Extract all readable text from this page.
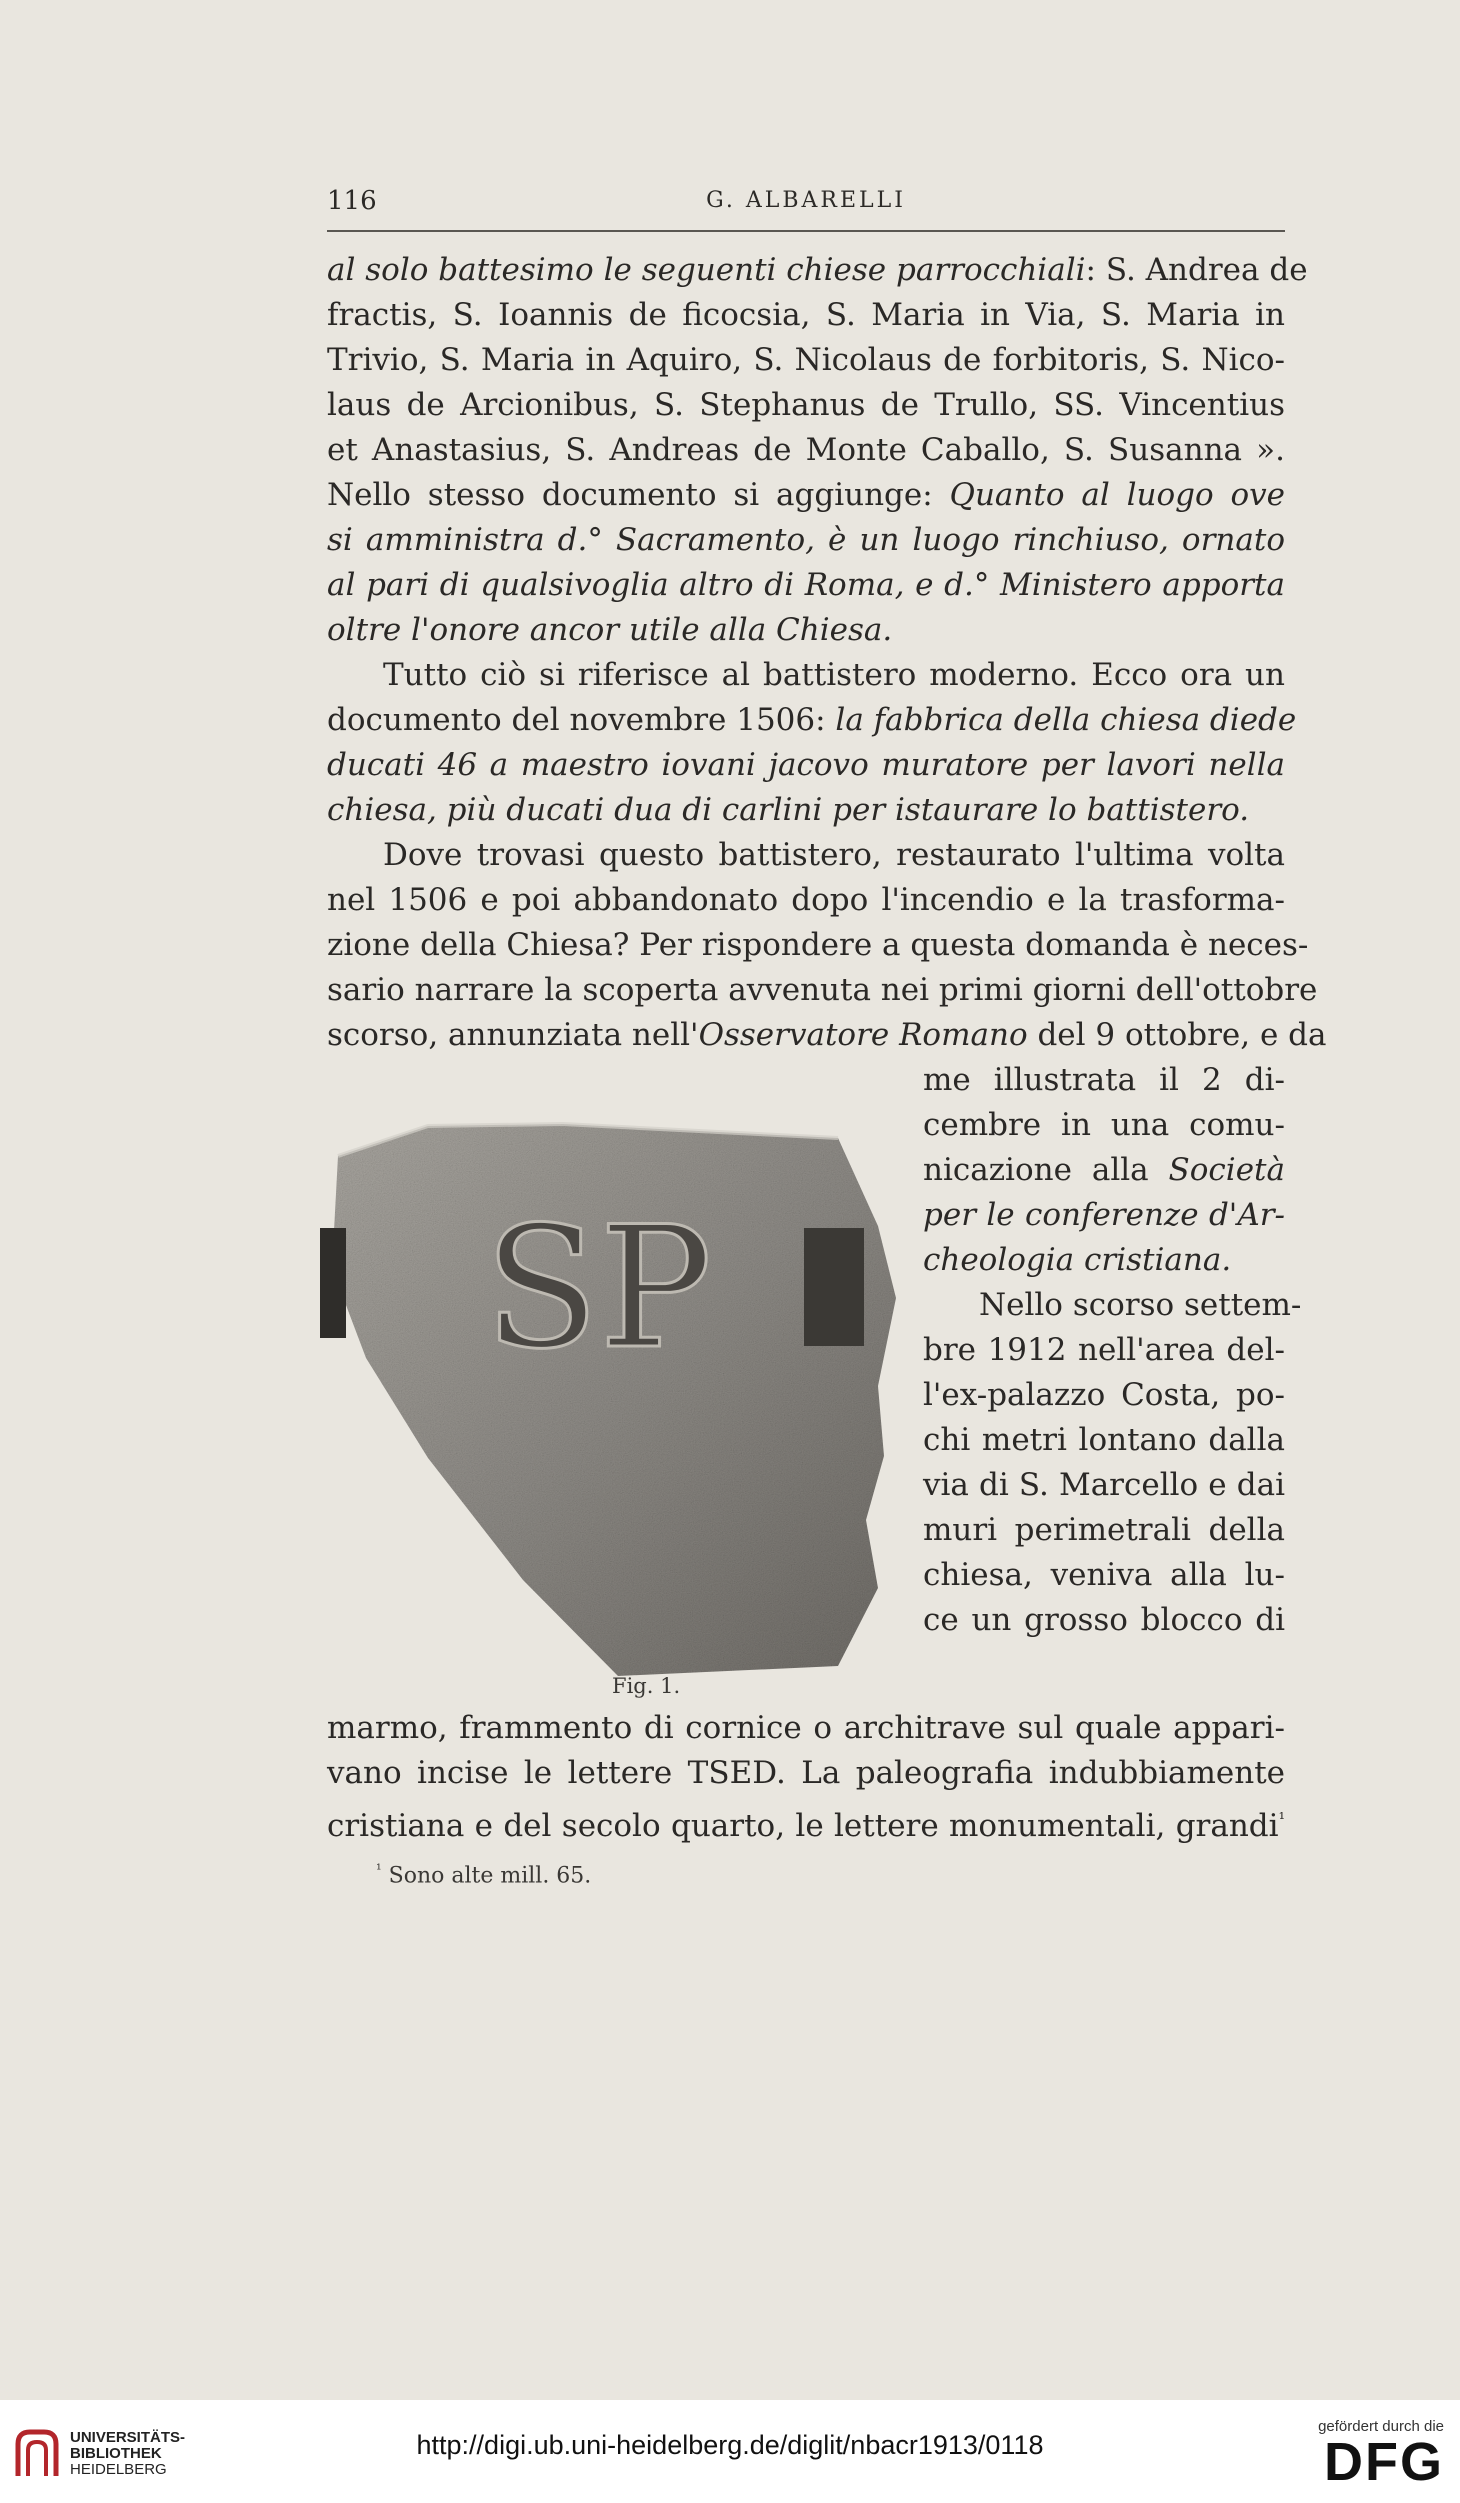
116	G. ALBARELLI
al solo battesimo le seguenti chiese parrocchiali: S. Andrea de
fractis, S. Ioannis de ficocsia, S. Maria in Via, S. Maria in
Trivio, S. Maria in Aquiro, S. Nicolaus de forbitoris, S. Nico-
laus de Arcionibus, S. Stephanus de Trullo, SS. Vincentius
et Anastasius, S. Andreas de Monte Caballo, S. Susanna ».
Nello stesso documento si aggiunge: Quanto al luogo ove
si amministra d.° Sacramento, è un luogo rinchiuso, ornato
al pari di qualsivoglia altro di Roma, e d.° Ministero apporta
oltre l'onore ancor utile alla Chiesa.
Tutto ciò si riferisce al battistero moderno. Ecco ora un
documento del novembre 1506: la fabbrica della chiesa diede
ducati 46 a maestro iovani jacovo muratore per lavori nella
chiesa, più ducati dua di carlini per istaurare lo battistero.
Dove trovasi questo battistero, restaurato l'ultima volta
nel 1506 e poi abbandonato dopo l'incendio e la trasforma-
zione della Chiesa? Per rispondere a questa domanda è neces-
sario narrare la scoperta avvenuta nei primi giorni dell'ottobre
scorso, annunziata nell'Osservatore Romano del 9 ottobre, e da
SP
Fig. 1.
me illustrata il 2 di-
cembre in una comu-
nicazione alla Società
per le conferenze d'Ar-
cheologia cristiana.
Nello scorso settem-
bre 1912 nell'area del-
l'ex-palazzo Costa, po-
chi metri lontano dalla
via di S. Marcello e dai
muri perimetrali della
chiesa, veniva alla lu-
ce un grosso blocco di
marmo, frammento di cornice o architrave sul quale appari-
vano incise le lettere TSED. La paleografia indubbiamente
cristiana e del secolo quarto, le lettere monumentali, grandi$^{^1}$
$^{^1}$ Sono alte mill. 65.
UNIVERSITÄTS-
BIBLIOTHEK
HEIDELBERG
http://digi.ub.uni-heidelberg.de/diglit/nbacr1913/0118
gefördert durch die
DFG
